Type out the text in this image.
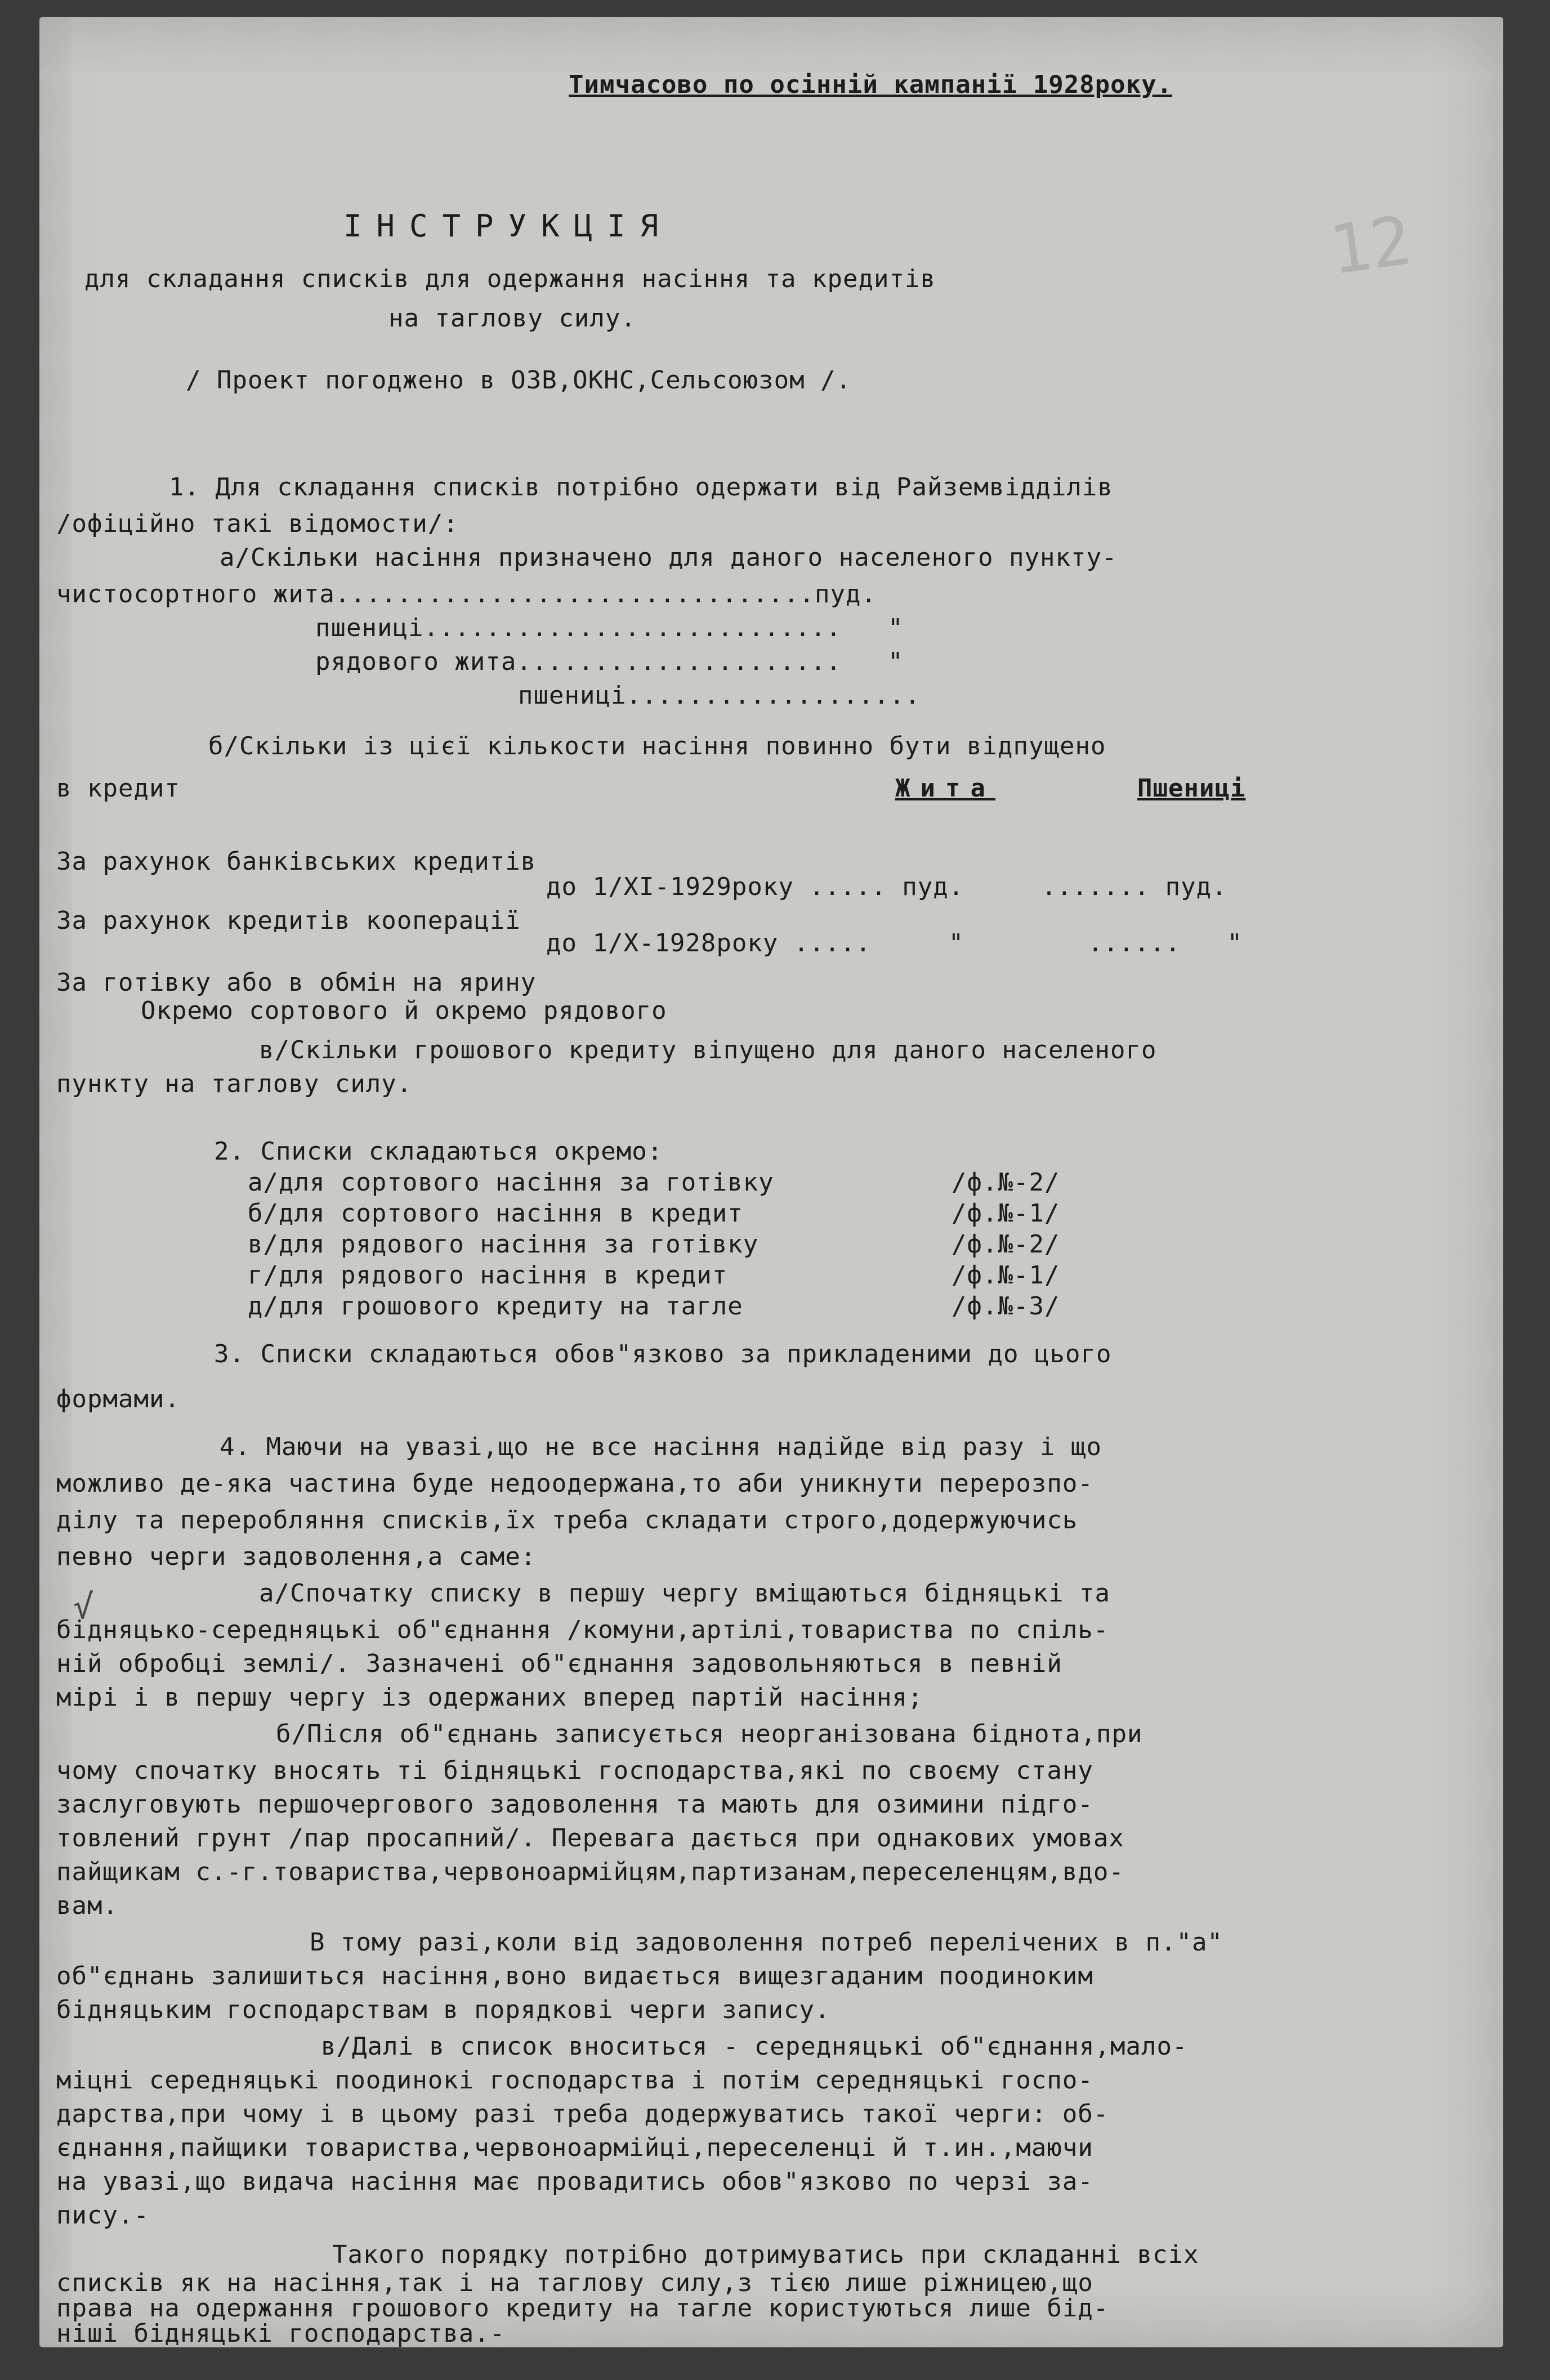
12
√
Тимчасово по осінній кампанії 1928року.
ІНСТРУКЦІЯ
для складання списків для одержання насіння та кредитів
на таглову силу.
/ Проект погоджено в ОЗВ,ОКНС,Сельсоюзом /.
1. Для складання списків потрібно одержати від Райземвідділів
/офіційно такі відомости/:
а/Скільки насіння призначено для даного населеного пункту-
чистосортного жита...............................пуд.
пшениці...........................   "
рядового жита.....................   "
пшениці...................
б/Скільки із цієї кількости насіння повинно бути відпущено
в кредит	Жита	Пшениці
За рахунок банківських кредитів
до 1/XI-1929року ..... пуд.     ....... пуд.
За рахунок кредитів кооперації
до 1/X-1928року .....     "        ......   "
За готівку або в обмін на ярину
Окремо сортового й окремо рядового
в/Скільки грошового кредиту віпущено для даного населеного
пункту на таглову силу.
2. Списки складаються окремо:
а/для сортового насіння за готівку
б/для сортового насіння в кредит
в/для рядового насіння за готівку
г/для рядового насіння в кредит
д/для грошового кредиту на тагле
/ф.№-2/
/ф.№-1/
/ф.№-2/
/ф.№-1/
/ф.№-3/
3. Списки складаються обов"язково за прикладеними до цього
формами.
4. Маючи на увазі,що не все насіння надійде від разу і що
можливо де-яка частина буде недоодержана,то аби уникнути перерозпо-
ділу та переробляння списків,їх треба складати строго,додержуючись
певно черги задоволення,а саме:
а/Спочатку списку в першу чергу вміщаються бідняцькі та
бідняцько-середняцькі об"єднання /комуни,артілі,товариства по спіль-
ній обробці землі/. Зазначені об"єднання задовольняються в певній
мірі і в першу чергу із одержаних вперед партій насіння;
б/Після об"єднань записується неорганізована біднота,при
чому спочатку вносять ті бідняцькі господарства,які по своєму стану
заслуговують першочергового задоволення та мають для озимини підго-
товлений грунт /пар просапний/. Перевага дається при однакових умовах
пайщикам с.-г.товариства,червоноармійцям,партизанам,переселенцям,вдо-
вам.
В тому разі,коли від задоволення потреб перелічених в п."а"
об"єднань залишиться насіння,воно видається вищезгаданим поодиноким
бідняцьким господарствам в порядкові черги запису.
в/Далі в список вноситься - середняцькі об"єднання,мало-
міцні середняцькі поодинокі господарства і потім середняцькі госпо-
дарства,при чому і в цьому разі треба додержуватись такої черги: об-
єднання,пайщики товариства,червоноармійці,переселенці й т.ин.,маючи
на увазі,що видача насіння має провадитись обов"язково по черзі за-
пису.-
Такого порядку потрібно дотримуватись при складанні всіх
списків як на насіння,так і на таглову силу,з тією лише ріжницею,що
права на одержання грошового кредиту на тагле користуються лише бід-
ніші бідняцькі господарства.-
